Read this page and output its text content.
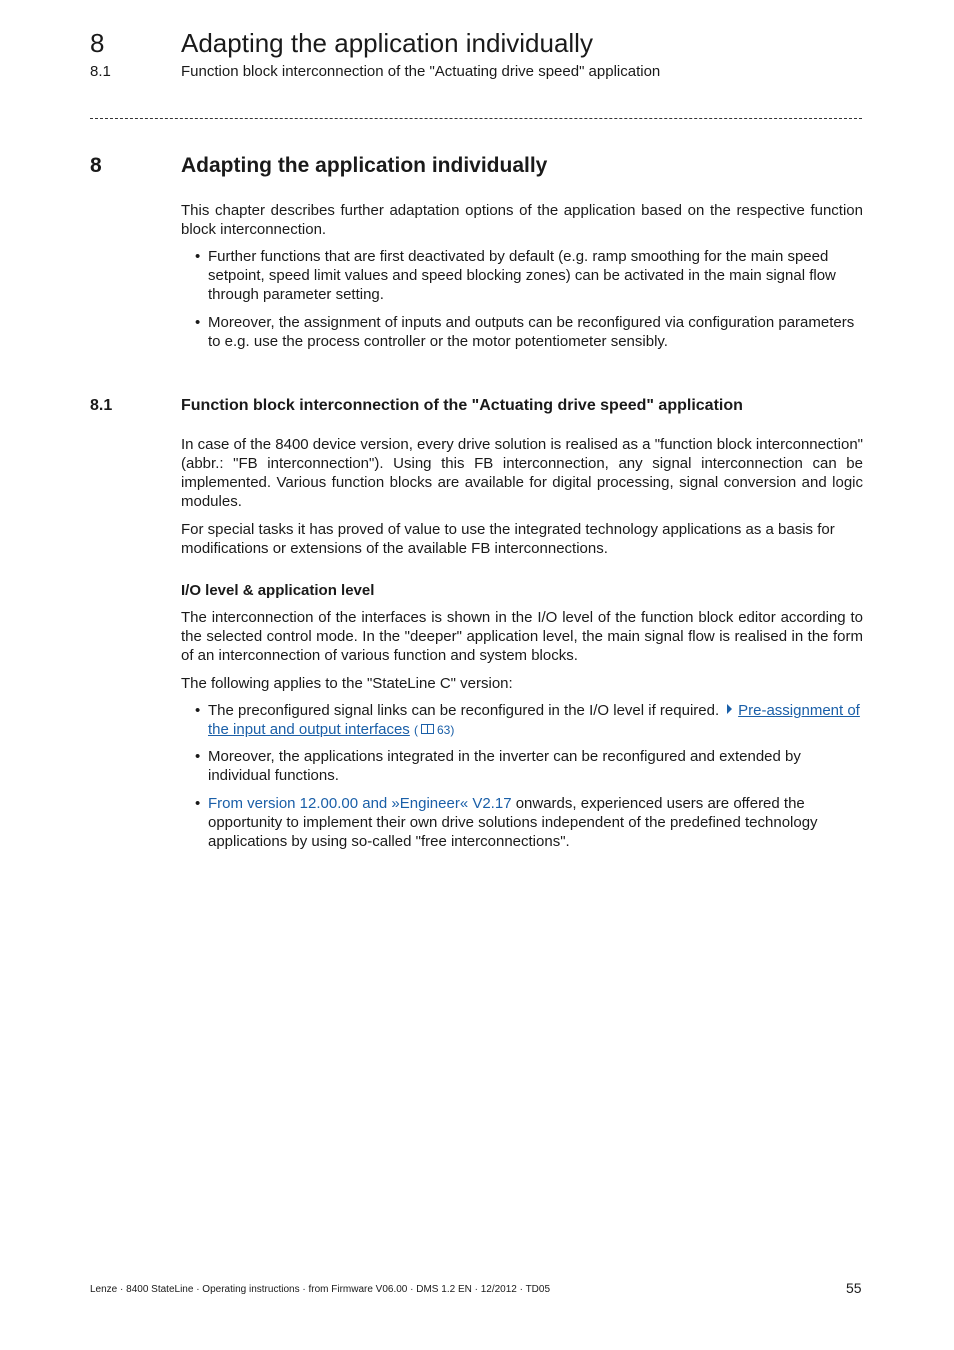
8	Adapting the application individually
8.1	Function block interconnection of the "Actuating drive speed" application
8	Adapting the application individually
This chapter describes further adaptation options of the application based on the respective function block interconnection.
• Further functions that are first deactivated by default (e.g. ramp smoothing for the main speed setpoint, speed limit values and speed blocking zones) can be activated in the main signal flow through parameter setting.
• Moreover, the assignment of inputs and outputs can be reconfigured via configuration parameters to e.g. use the process controller or the motor potentiometer sensibly.
8.1	Function block interconnection of the "Actuating drive speed" application
In case of the 8400 device version, every drive solution is realised as a "function block interconnection" (abbr.: "FB interconnection"). Using this FB interconnection, any signal interconnection can be implemented. Various function blocks are available for digital processing, signal conversion and logic modules.
For special tasks it has proved of value to use the integrated technology applications as a basis for modifications or extensions of the available FB interconnections.
I/O level & application level
The interconnection of the interfaces is shown in the I/O level of the function block editor according to the selected control mode. In the "deeper" application level, the main signal flow is realised in the form of an interconnection of various function and system blocks.
The following applies to the "StateLine C" version:
• The preconfigured signal links can be reconfigured in the I/O level if required. Pre-assignment of the input and output interfaces ( 63)
• Moreover, the applications integrated in the inverter can be reconfigured and extended by individual functions.
• From version 12.00.00 and »Engineer« V2.17 onwards, experienced users are offered the opportunity to implement their own drive solutions independent of the predefined technology applications by using so-called "free interconnections".
Lenze · 8400 StateLine · Operating instructions · from Firmware V06.00 · DMS 1.2 EN · 12/2012 · TD05	55
